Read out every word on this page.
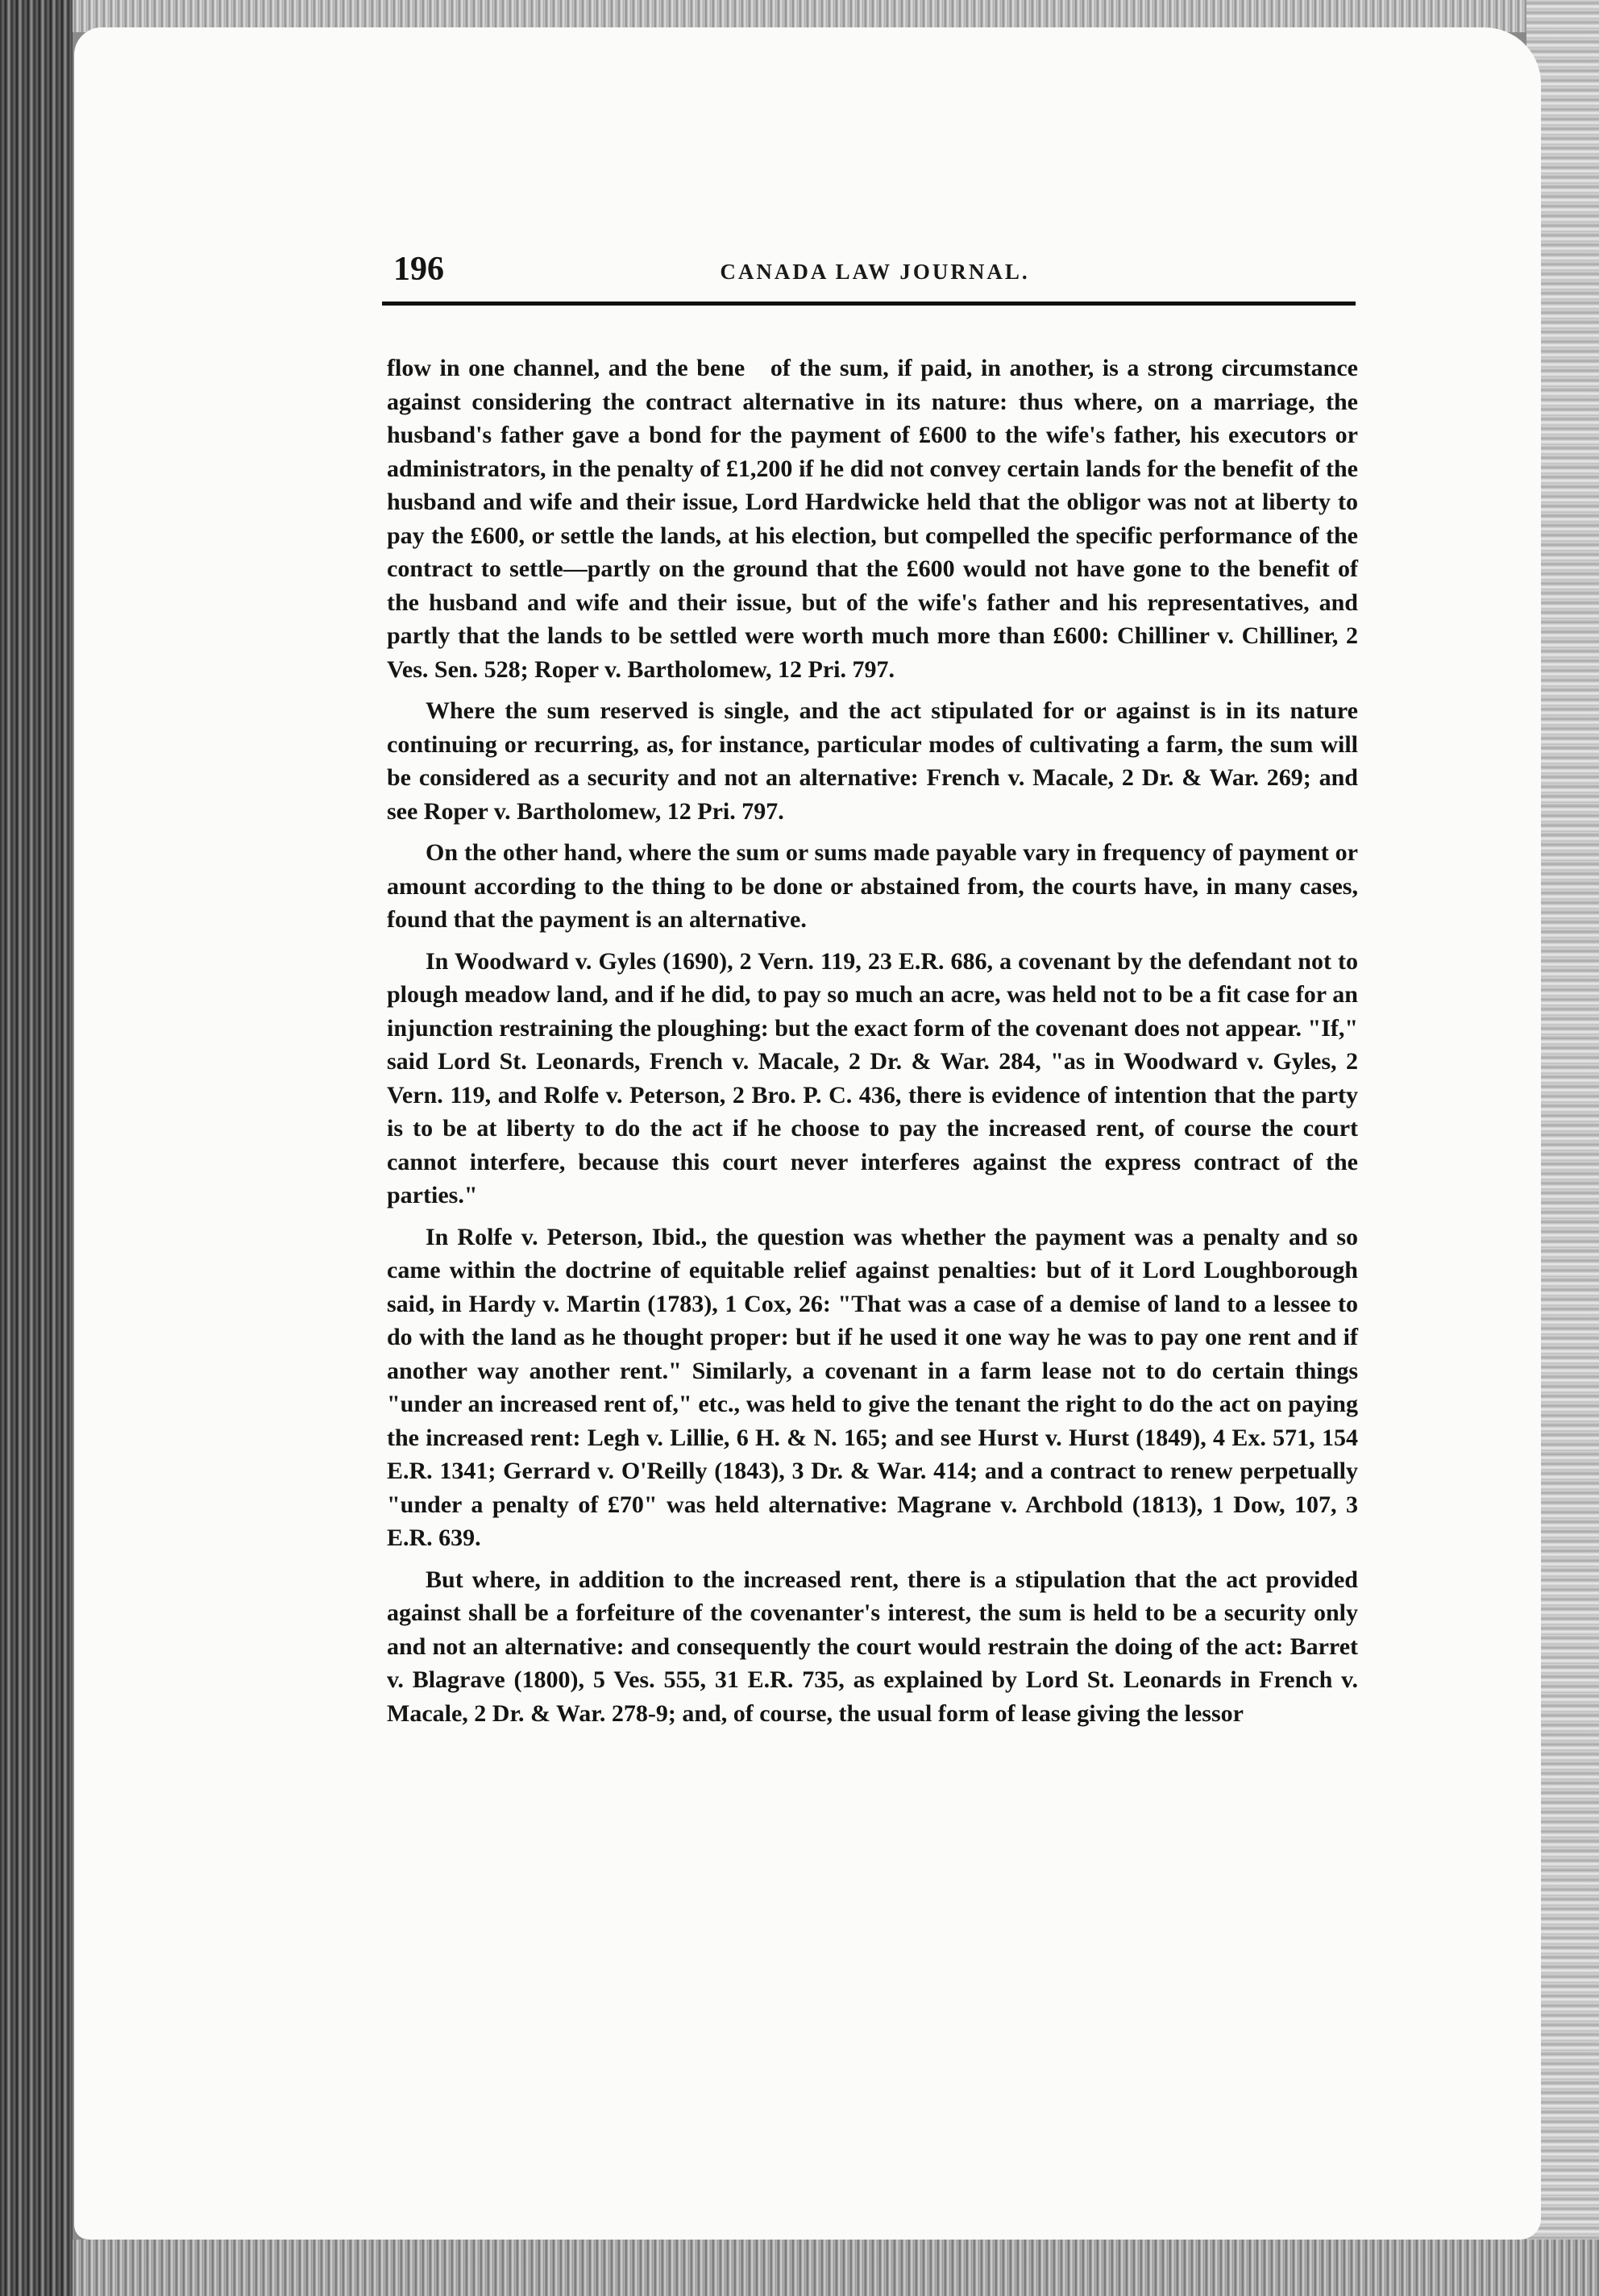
196	CANADA LAW JOURNAL.

flow in one channel, and the bene   of the sum, if paid, in another, is a strong circumstance against considering the contract alternative in its nature: thus where, on a marriage, the husband's father gave a bond for the payment of £600 to the wife's father, his executors or administrators, in the penalty of £1,200 if he did not convey certain lands for the benefit of the husband and wife and their issue, Lord Hardwicke held that the obligor was not at liberty to pay the £600, or settle the lands, at his election, but compelled the specific performance of the contract to settle—partly on the ground that the £600 would not have gone to the benefit of the husband and wife and their issue, but of the wife's father and his representatives, and partly that the lands to be settled were worth much more than £600: Chilliner v. Chilliner, 2 Ves. Sen. 528; Roper v. Bartholomew, 12 Pri. 797.

Where the sum reserved is single, and the act stipulated for or against is in its nature continuing or recurring, as, for instance, particular modes of cultivating a farm, the sum will be considered as a security and not an alternative: French v. Macale, 2 Dr. & War. 269; and see Roper v. Bartholomew, 12 Pri. 797.

On the other hand, where the sum or sums made payable vary in frequency of payment or amount according to the thing to be done or abstained from, the courts have, in many cases, found that the payment is an alternative.

In Woodward v. Gyles (1690), 2 Vern. 119, 23 E.R. 686, a covenant by the defendant not to plough meadow land, and if he did, to pay so much an acre, was held not to be a fit case for an injunction restraining the ploughing: but the exact form of the covenant does not appear. "If," said Lord St. Leonards, French v. Macale, 2 Dr. & War. 284, "as in Woodward v. Gyles, 2 Vern. 119, and Rolfe v. Peterson, 2 Bro. P. C. 436, there is evidence of intention that the party is to be at liberty to do the act if he choose to pay the increased rent, of course the court cannot interfere, because this court never interferes against the express contract of the parties."

In Rolfe v. Peterson, Ibid., the question was whether the payment was a penalty and so came within the doctrine of equitable relief against penalties: but of it Lord Loughborough said, in Hardy v. Martin (1783), 1 Cox, 26: "That was a case of a demise of land to a lessee to do with the land as he thought proper: but if he used it one way he was to pay one rent and if another way another rent." Similarly, a covenant in a farm lease not to do certain things "under an increased rent of," etc., was held to give the tenant the right to do the act on paying the increased rent: Legh v. Lillie, 6 H. & N. 165; and see Hurst v. Hurst (1849), 4 Ex. 571, 154 E.R. 1341; Gerrard v. O'Reilly (1843), 3 Dr. & War. 414; and a contract to renew perpetually "under a penalty of £70" was held alternative: Magrane v. Archbold (1813), 1 Dow, 107, 3 E.R. 639.

But where, in addition to the increased rent, there is a stipulation that the act provided against shall be a forfeiture of the covenanter's interest, the sum is held to be a security only and not an alternative: and consequently the court would restrain the doing of the act: Barret v. Blagrave (1800), 5 Ves. 555, 31 E.R. 735, as explained by Lord St. Leonards in French v. Macale, 2 Dr. & War. 278-9; and, of course, the usual form of lease giving the lessor
